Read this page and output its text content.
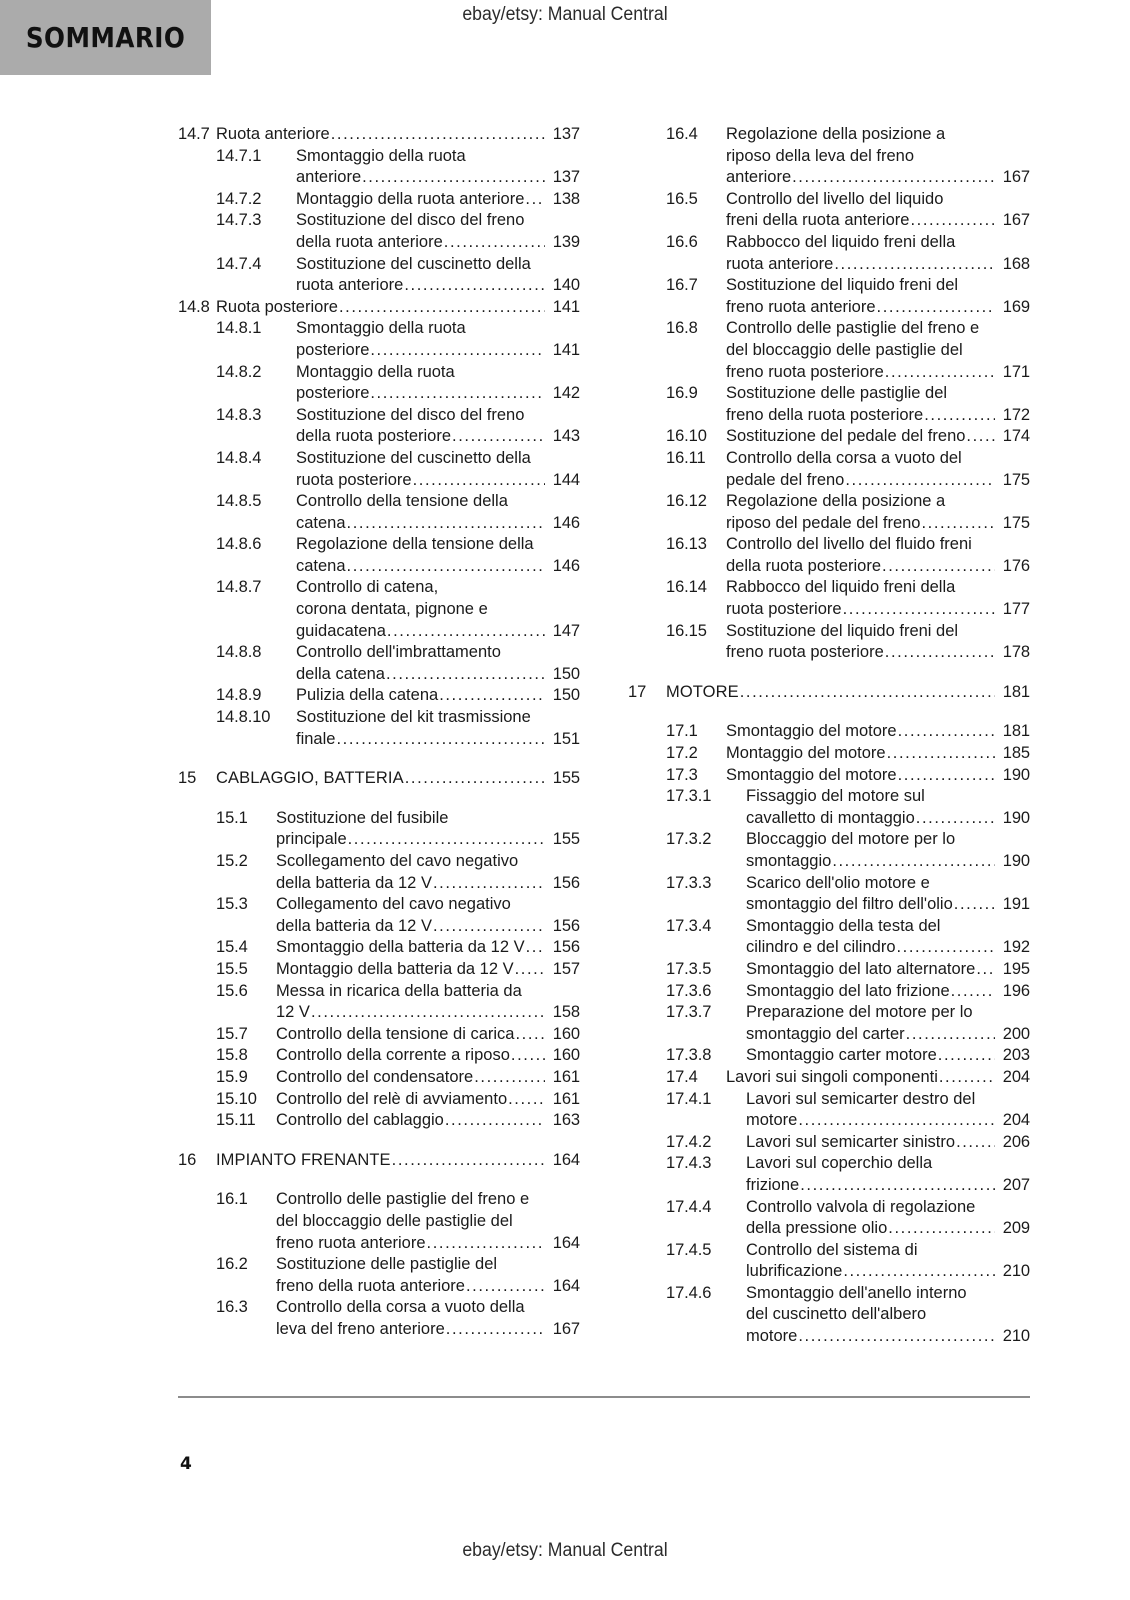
SOMMARIO
ebay/etsy: Manual Central
14.7 Ruota anteriore .....	137
14.7.1	Smontaggio della ruota
anteriore .....	137
14.7.2	Montaggio della ruota anteriore ..... 138
14.7.3	Sostituzione del disco del freno
della ruota anteriore .....	139
14.7.4	Sostituzione del cuscinetto della
ruota anteriore .....	140
14.8 Ruota posteriore .....	141
14.8.1	Smontaggio della ruota
posteriore .....	141
14.8.2	Montaggio della ruota
posteriore .....	142
14.8.3	Sostituzione del disco del freno
della ruota posteriore .....	143
14.8.4	Sostituzione del cuscinetto della
ruota posteriore .....	144
14.8.5	Controllo della tensione della
catena .....	146
14.8.6	Regolazione della tensione della
catena .....	146
14.8.7	Controllo di catena,
corona dentata, pignone e
guidacatena .....	147
14.8.8	Controllo dell'imbrattamento
della catena .....	150
14.8.9	Pulizia della catena .....	150
14.8.10	Sostituzione del kit trasmissione
finale .....	151
15	CABLAGGIO, BATTERIA .....	155
15.1	Sostituzione del fusibile
principale .....	155
15.2	Scollegamento del cavo negativo
della batteria da 12 V .....	156
15.3	Collegamento del cavo negativo
della batteria da 12 V .....	156
15.4	Smontaggio della batteria da 12 V ..... 156
15.5	Montaggio della batteria da 12 V ..... 157
15.6	Messa in ricarica della batteria da
12 V .....	158
15.7	Controllo della tensione di carica ..... 160
15.8	Controllo della corrente a riposo .....	160
15.9	Controllo del condensatore .....	161
15.10	Controllo del relè di avviamento .....	161
15.11	Controllo del cablaggio .....	163
16	IMPIANTO FRENANTE .....	164
16.1	Controllo delle pastiglie del freno e
del bloccaggio delle pastiglie del
freno ruota anteriore .....	164
16.2	Sostituzione delle pastiglie del
freno della ruota anteriore .....	164
16.3	Controllo della corsa a vuoto della
leva del freno anteriore .....	167
16.4	Regolazione della posizione a
riposo della leva del freno
anteriore .....	167
16.5	Controllo del livello del liquido
freni della ruota anteriore .....	167
16.6	Rabbocco del liquido freni della
ruota anteriore .....	168
16.7	Sostituzione del liquido freni del
freno ruota anteriore .....	169
16.8	Controllo delle pastiglie del freno e
del bloccaggio delle pastiglie del
freno ruota posteriore .....	171
16.9	Sostituzione delle pastiglie del
freno della ruota posteriore .....	172
16.10	Sostituzione del pedale del freno ..... 174
16.11	Controllo della corsa a vuoto del
pedale del freno .....	175
16.12	Regolazione della posizione a
riposo del pedale del freno .....	175
16.13	Controllo del livello del fluido freni
della ruota posteriore .....	176
16.14	Rabbocco del liquido freni della
ruota posteriore .....	177
16.15	Sostituzione del liquido freni del
freno ruota posteriore .....	178
17	MOTORE .....	181
17.1	Smontaggio del motore .....	181
17.2	Montaggio del motore .....	185
17.3	Smontaggio del motore .....	190
17.3.1	Fissaggio del motore sul
cavalletto di montaggio .....	190
17.3.2	Bloccaggio del motore per lo
smontaggio .....	190
17.3.3	Scarico dell'olio motore e
smontaggio del filtro dell'olio .....	191
17.3.4	Smontaggio della testa del
cilindro e del cilindro .....	192
17.3.5	Smontaggio del lato alternatore ..... 195
17.3.6	Smontaggio del lato frizione .....	196
17.3.7	Preparazione del motore per lo
smontaggio del carter .....	200
17.3.8	Smontaggio carter motore .....	203
17.4	Lavori sui singoli componenti .....	204
17.4.1	Lavori sul semicarter destro del
motore .....	204
17.4.2	Lavori sul semicarter sinistro .....	206
17.4.3	Lavori sul coperchio della
frizione .....	207
17.4.4	Controllo valvola di regolazione
della pressione olio .....	209
17.4.5	Controllo del sistema di
lubrificazione .....	210
17.4.6	Smontaggio dell'anello interno
del cuscinetto dell'albero
motore .....	210
4
ebay/etsy: Manual Central
